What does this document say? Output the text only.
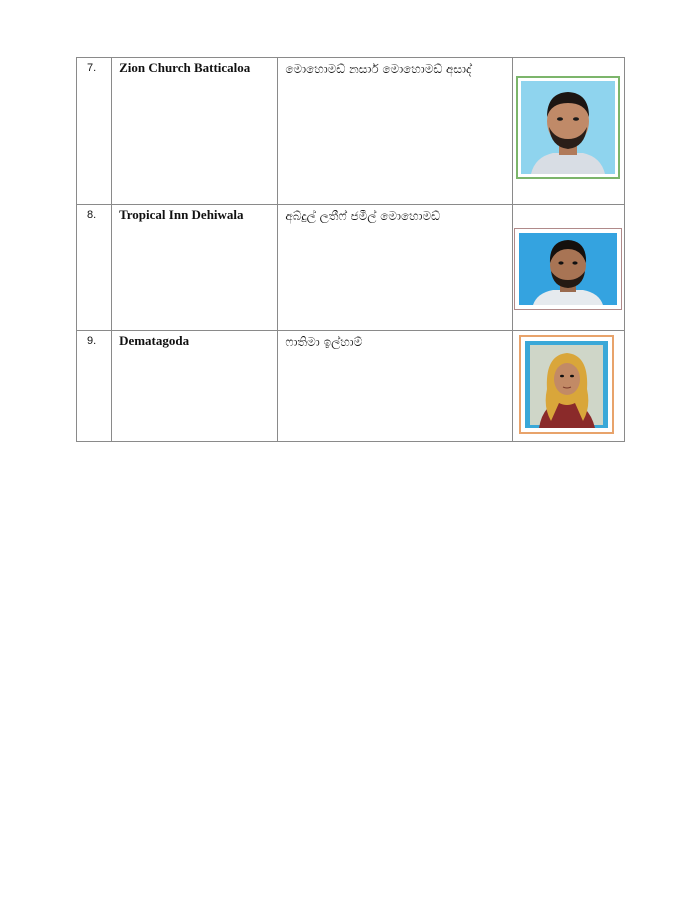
7.	Zion Church Batticaloa	මොහොමඩ් නසාර් මොහොමඩ් අසාද්

8.	Tropical Inn Dehiwala	අබ්දුල් ලතීෆ් ජමීල් මොහොමඩ්

9.	Dematagoda	ෆාතිමා ඉල්හාම්
